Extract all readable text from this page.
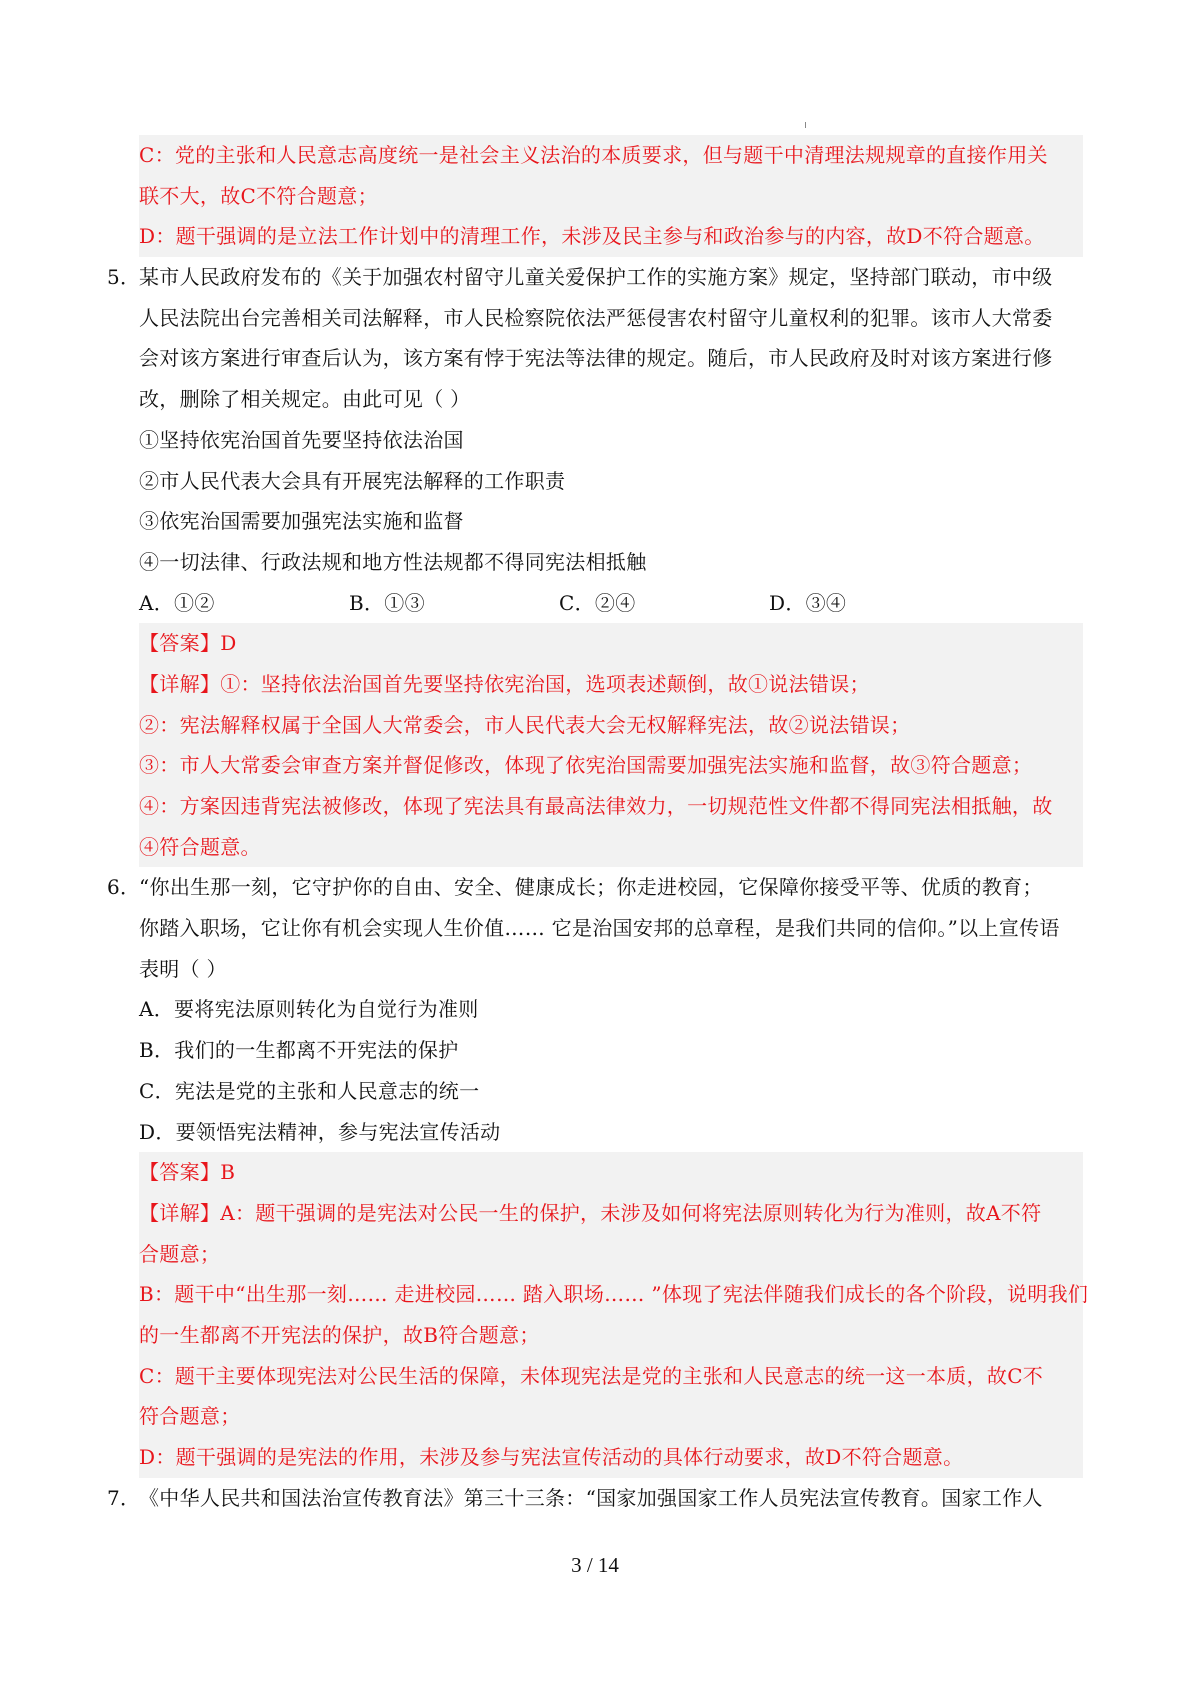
C：党的主张和人民意志高度统一是社会主义法治的本质要求，但与题干中清理法规规章的直接作用关
联不大，故C不符合题意；
D：题干强调的是立法工作计划中的清理工作，未涉及民主参与和政治参与的内容，故D不符合题意。
5．
某市人民政府发布的《关于加强农村留守儿童关爱保护工作的实施方案》规定，坚持部门联动，市中级
人民法院出台完善相关司法解释，市人民检察院依法严惩侵害农村留守儿童权利的犯罪。该市人大常委
会对该方案进行审查后认为，该方案有悖于宪法等法律的规定。随后，市人民政府及时对该方案进行修
改，删除了相关规定。由此可见（ ）
①坚持依宪治国首先要坚持依法治国
②市人民代表大会具有开展宪法解释的工作职责
③依宪治国需要加强宪法实施和监督
④一切法律、行政法规和地方性法规都不得同宪法相抵触
A．①②	B．①③	C．②④	D．③④
【答案】D
【详解】①：坚持依法治国首先要坚持依宪治国，选项表述颠倒，故①说法错误；
②：宪法解释权属于全国人大常委会，市人民代表大会无权解释宪法，故②说法错误；
③：市人大常委会审查方案并督促修改，体现了依宪治国需要加强宪法实施和监督，故③符合题意；
④：方案因违背宪法被修改，体现了宪法具有最高法律效力，一切规范性文件都不得同宪法相抵触，故
④符合题意。
6．
“你出生那一刻，它守护你的自由、安全、健康成长；你走进校园，它保障你接受平等、优质的教育；
你踏入职场，它让你有机会实现人生价值…… 它是治国安邦的总章程，是我们共同的信仰。”以上宣传语
表明（ ）
A．要将宪法原则转化为自觉行为准则
B．我们的一生都离不开宪法的保护
C．宪法是党的主张和人民意志的统一
D．要领悟宪法精神，参与宪法宣传活动
【答案】B
【详解】A：题干强调的是宪法对公民一生的保护，未涉及如何将宪法原则转化为行为准则，故A不符
合题意；
B：题干中“出生那一刻…… 走进校园…… 踏入职场…… ”体现了宪法伴随我们成长的各个阶段，说明我们
的一生都离不开宪法的保护，故B符合题意；
C：题干主要体现宪法对公民生活的保障，未体现宪法是党的主张和人民意志的统一这一本质，故C不
符合题意；
D：题干强调的是宪法的作用，未涉及参与宪法宣传活动的具体行动要求，故D不符合题意。
7．
《中华人民共和国法治宣传教育法》第三十三条：“国家加强国家工作人员宪法宣传教育。国家工作人
3 / 14
